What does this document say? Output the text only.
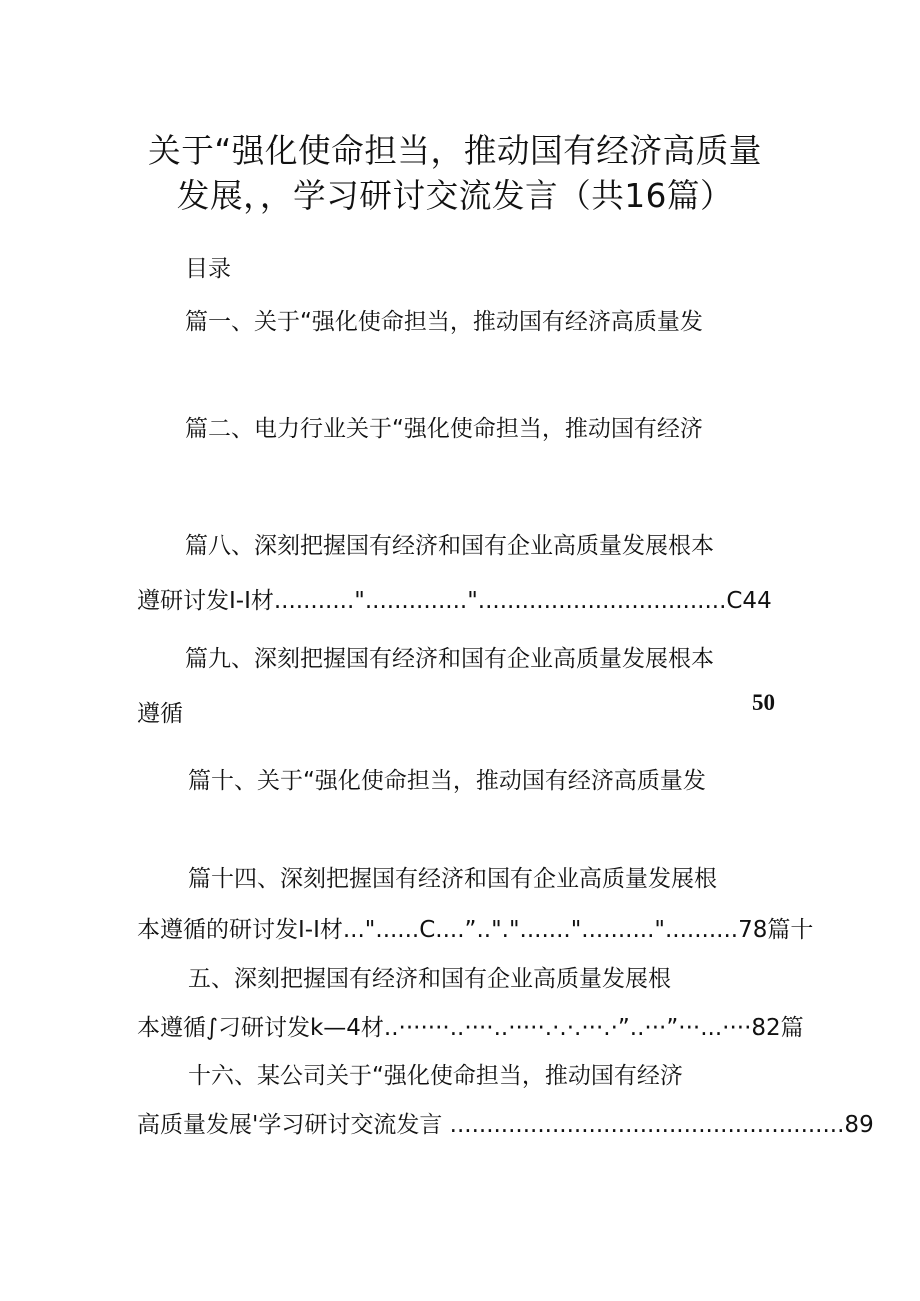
关于“强化使命担当，推动国有经济高质量
发展，，学习研讨交流发言（共16篇）
目录
篇一、关于“强化使命担当，推动国有经济高质量发
篇二、电力行业关于“强化使命担当，推动国有经济
篇八、深刻把握国有经济和国有企业高质量发展根本
遵研讨发I-I材...........".............."..................................C44
篇九、深刻把握国有经济和国有企业高质量发展根本
遵循	50
篇十、关于“强化使命担当，推动国有经济高质量发
篇十四、深刻把握国有经济和国有企业高质量发展根
本遵循的研讨发I-I材..."......C....”..".".......".........."..........78篇十
五、深刻把握国有经济和国有企业高质量发展根
本遵循∫刁研讨发k—4材..·······..····..·····.·.·.···.·”..···”···...····82篇
十六、某公司关于“强化使命担当，推动国有经济
高质量发展'学习研讨交流发言 ......................................................89
